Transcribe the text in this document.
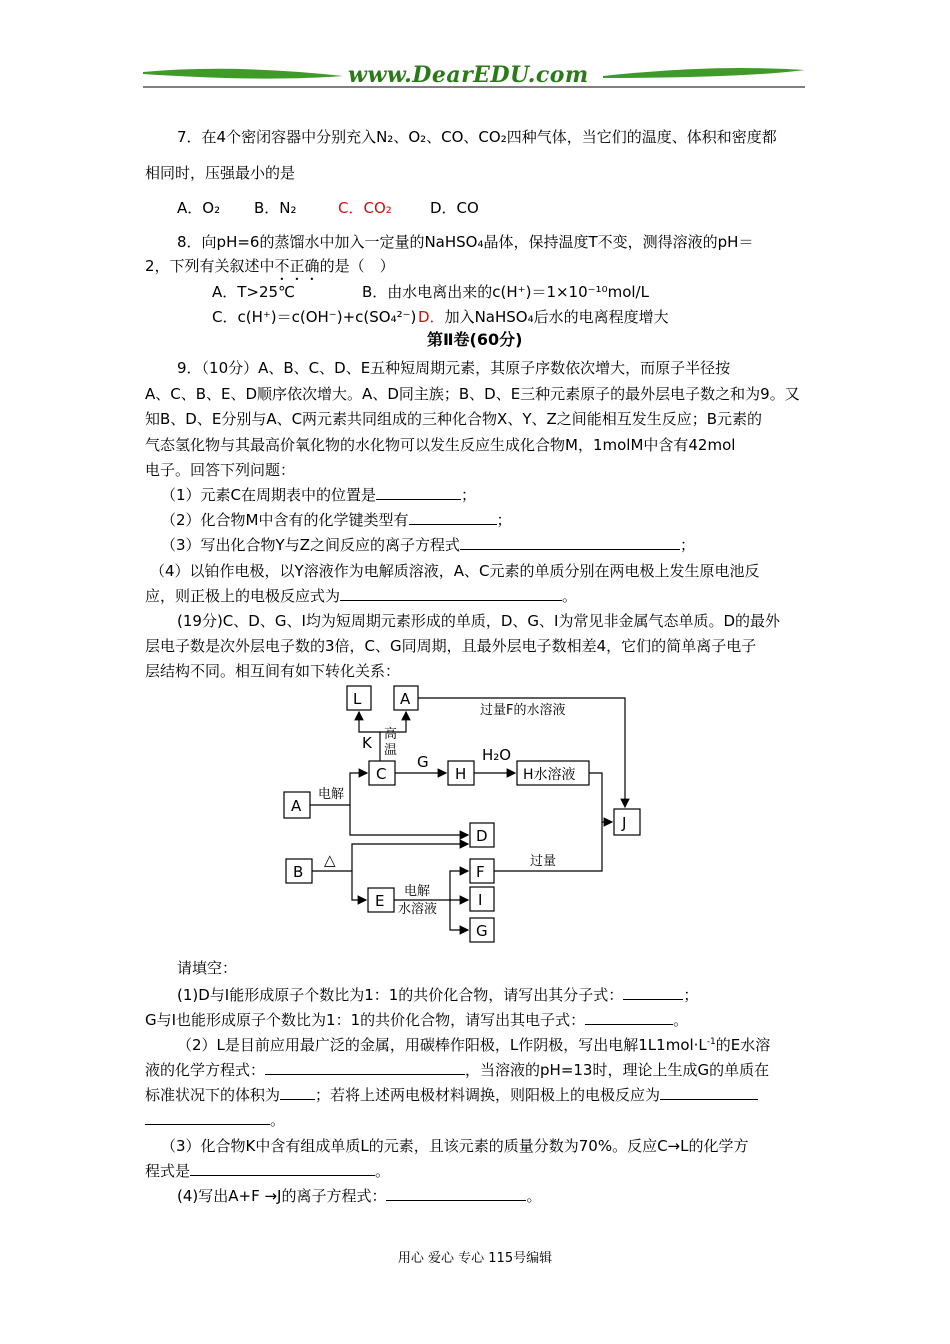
www.DearEDU.com
7．在4个密闭容器中分别充入N₂、O₂、CO、CO₂四种气体，当它们的温度、体积和密度都
相同时，压强最小的是
A．O₂ B．N₂	C．CO₂	D．CO
8．向pH=6的蒸馏水中加入一定量的NaHSO₄晶体，保持温度T不变，测得溶液的pH＝
2，下列有关叙述中不正确的是（　）
A．T>25℃	B．由水电离出来的c(H⁺)＝1×10⁻¹⁰mol/L
C．c(H⁺)＝c(OH⁻)+c(SO₄²⁻) D．加入NaHSO₄后水的电离程度增大
第Ⅱ卷(60分)
9．（10分）A、B、C、D、E五种短周期元素，其原子序数依次增大，而原子半径按
A、C、B、E、D顺序依次增大。A、D同主族；B、D、E三种元素原子的最外层电子数之和为9。又
知B、D、E分别与A、C两元素共同组成的三种化合物X、Y、Z之间能相互发生反应；B元素的
气态氢化物与其最高价氧化物的水化物可以发生反应生成化合物M，1molM中含有42mol
电子。回答下列问题：
（1）元素C在周期表中的位置是	；
（2）化合物M中含有的化学键类型有	；
（3）写出化合物Y与Z之间反应的离子方程式	；
（4）以铂作电极，以Y溶液作为电解质溶液，A、C元素的单质分别在两电极上发生原电池反
应，则正极上的电极反应式为	。
(19分)C、D、G、I均为短周期元素形成的单质，D、G、I为常见非金属气态单质。D的最外
层电子数是次外层电子数的3倍，C、G同周期，且最外层电子数相差4，它们的简单离子电子
层结构不同。相互间有如下转化关系：
L	A
C	H	H水溶液
A
D
J
B	F
E	I
G
过量F的水溶液
K 高
温
G	H₂O
电解
△
电解
水溶液
过量
请填空：
(1)D与I能形成原子个数比为1：1的共价化合物，请写出其分子式：	；
G与I也能形成原子个数比为1：1的共价化合物，请写出其电子式：	。
（2）L是目前应用最广泛的金属，用碳棒作阳极，L作阴极，写出电解$1L1mol\cdot L^{-1}$的E水溶
液的化学方程式：	，当溶液的pH=13时，理论上生成G的单质在
标准状况下的体积为 ；若将上述两电极材料调换，则阳极上的电极反应为
。
（3）化合物K中含有组成单质L的元素，且该元素的质量分数为70%。反应C→L的化学方
程式是	。
(4)写出A+F →J的离子方程式：	。
用心 爱心 专心 115号编辑
